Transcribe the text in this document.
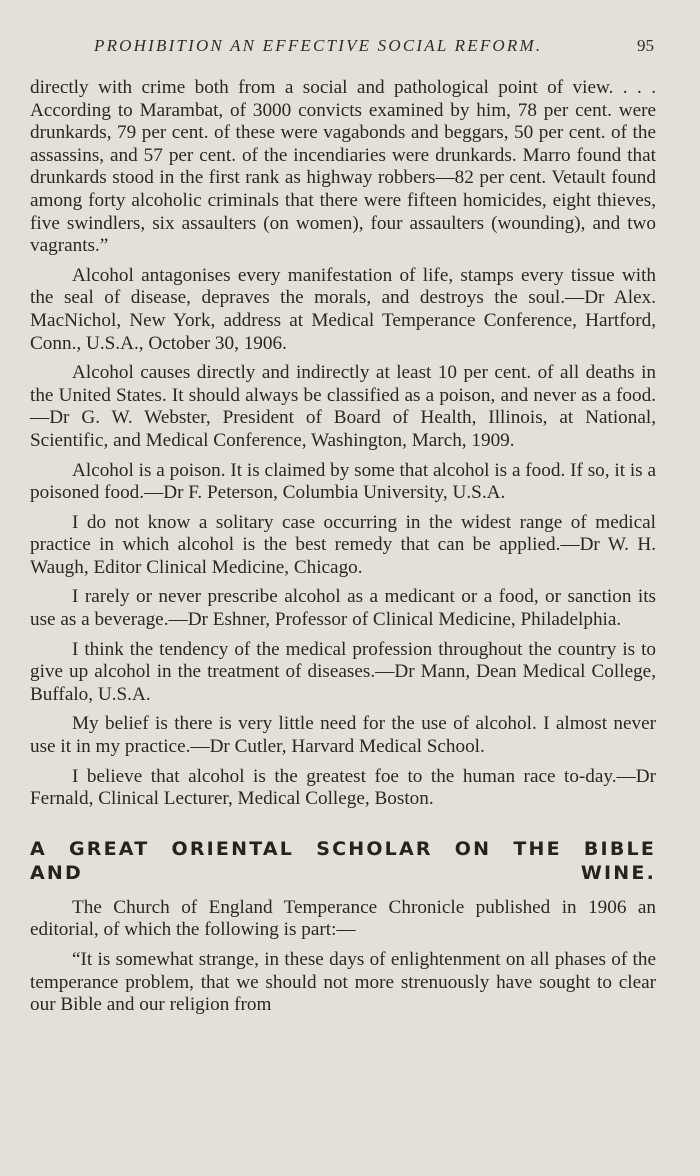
PROHIBITION AN EFFECTIVE SOCIAL REFORM.	95

directly with crime both from a social and pathological point of view. . . . According to Marambat, of 3000 convicts examined by him, 78 per cent. were drunkards, 79 per cent. of these were vagabonds and beggars, 50 per cent. of the assassins, and 57 per cent. of the incendiaries were drunkards. Marro found that drunkards stood in the first rank as highway robbers—82 per cent. Vetault found among forty alcoholic criminals that there were fifteen homicides, eight thieves, five swindlers, six assaulters (on women), four assaulters (wounding), and two vagrants.”

Alcohol antagonises every manifestation of life, stamps every tissue with the seal of disease, depraves the morals, and destroys the soul.—Dr Alex. MacNichol, New York, address at Medical Temperance Conference, Hartford, Conn., U.S.A., October 30, 1906.

Alcohol causes directly and indirectly at least 10 per cent. of all deaths in the United States. It should always be classified as a poison, and never as a food.—Dr G. W. Webster, President of Board of Health, Illinois, at National, Scientific, and Medical Conference, Washington, March, 1909.

Alcohol is a poison. It is claimed by some that alcohol is a food. If so, it is a poisoned food.—Dr F. Peterson, Columbia University, U.S.A.

I do not know a solitary case occurring in the widest range of medical practice in which alcohol is the best remedy that can be applied.—Dr W. H. Waugh, Editor Clinical Medicine, Chicago.

I rarely or never prescribe alcohol as a medicant or a food, or sanction its use as a beverage.—Dr Eshner, Professor of Clinical Medicine, Philadelphia.

I think the tendency of the medical profession throughout the country is to give up alcohol in the treatment of diseases.—Dr Mann, Dean Medical College, Buffalo, U.S.A.

My belief is there is very little need for the use of alcohol. I almost never use it in my practice.—Dr Cutler, Harvard Medical School.

I believe that alcohol is the greatest foe to the human race to-day.—Dr Fernald, Clinical Lecturer, Medical College, Boston.

A GREAT ORIENTAL SCHOLAR ON THE BIBLE
AND WINE.

The Church of England Temperance Chronicle published in 1906 an editorial, of which the following is part:—

“It is somewhat strange, in these days of enlightenment on all phases of the temperance problem, that we should not more strenuously have sought to clear our Bible and our religion from
